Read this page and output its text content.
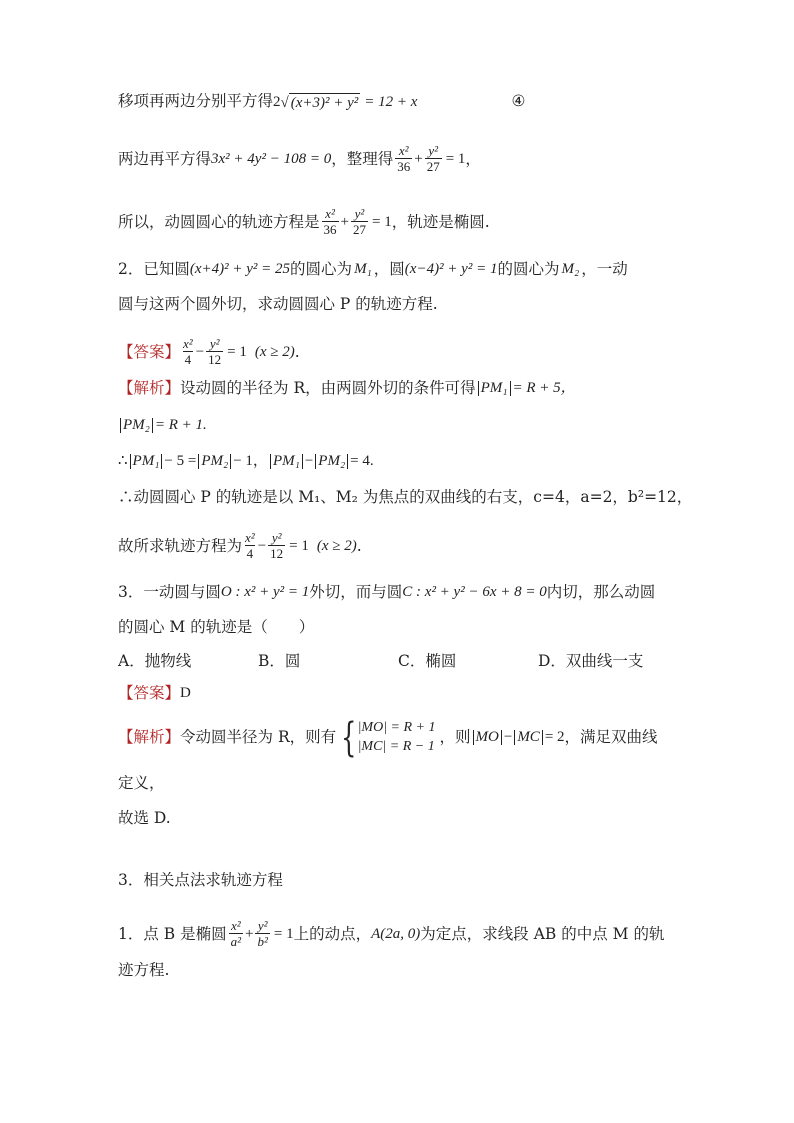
移项再两边分别平方得 2 √ (x+3)² + y² = 12 + x	④
两边再平方得 3x² + 4y² − 108 = 0 ，整理得 $\frac{\text{x²}}{36} + \frac{\text{y²}}{27} = 1$ ，
所以，动圆圆心的轨迹方程是 $\frac{\text{x²}}{36} + \frac{\text{y²}}{27} = 1$ ，轨迹是椭圆.
2．已知圆 (x+4)² + y² = 25 的圆心为 M₁ ，圆 (x−4)² + y² = 1 的圆心为 M₂ ，一动
圆与这两个圆外切，求动圆圆心 P 的轨迹方程.
【答案】 $\frac{\text{x²}}{4} - \frac{\text{y²}}{12} = 1$ (x ≥ 2) .
【解析】 设动圆的半径为 R，由两圆外切的条件可得 PM₁ = R + 5，
PM₂ = R + 1.
∴ PM₁ − 5 = PM₂ − 1， PM₁ − PM₂ = 4.
∴动圆圆心 P 的轨迹是以 M₁、M₂ 为焦点的双曲线的右支，c=4，a=2，b²=12，
故所求轨迹方程为 $\frac{\text{x²}}{4} - \frac{\text{y²}}{12} = 1$ (x ≥ 2) .
3．一动圆与圆 O : x² + y² = 1 外切，而与圆 C : x² + y² − 6x + 8 = 0 内切，那么动圆
的圆心 M 的轨迹是（　　）
A．抛物线	B．圆	C．椭圆	D．双曲线一支
【答案】 D
【解析】 令动圆半径为 R，则有 { |MO| = R + 1
|MC| = R − 1
，则 MO − MC = 2 ，满足双曲线
定义，
故选 D.
3．相关点法求轨迹方程
1．点 B 是椭圆 $\frac{\text{x²}}{\text{a²}} + \frac{\text{y²}}{\text{b²}} = 1$ 上的动点， A(2a, 0) 为定点，求线段 AB 的中点 M 的轨
迹方程.
